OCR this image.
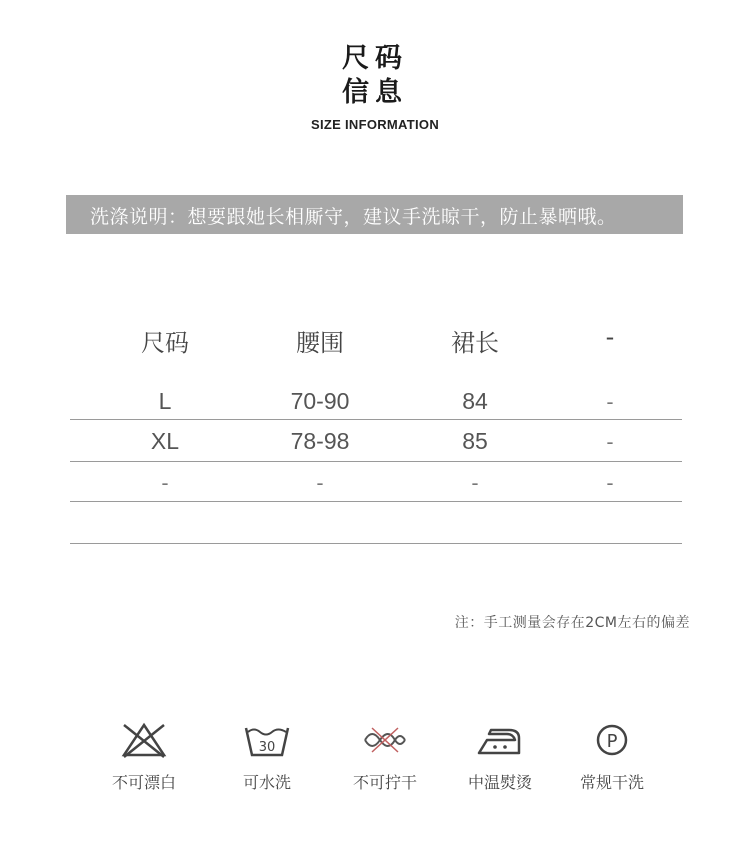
尺码
信息
SIZE INFORMATION
洗涤说明：想要跟她长相厮守，建议手洗晾干，防止暴晒哦。
尺码	腰围	裙长	-
L	70-90	84	-
XL	78-98	85	-
-	-	-	-
注：手工测量会存在2CM左右的偏差
不可漂白
30
可水洗	不可拧干	中温熨烫
P
常规干洗
